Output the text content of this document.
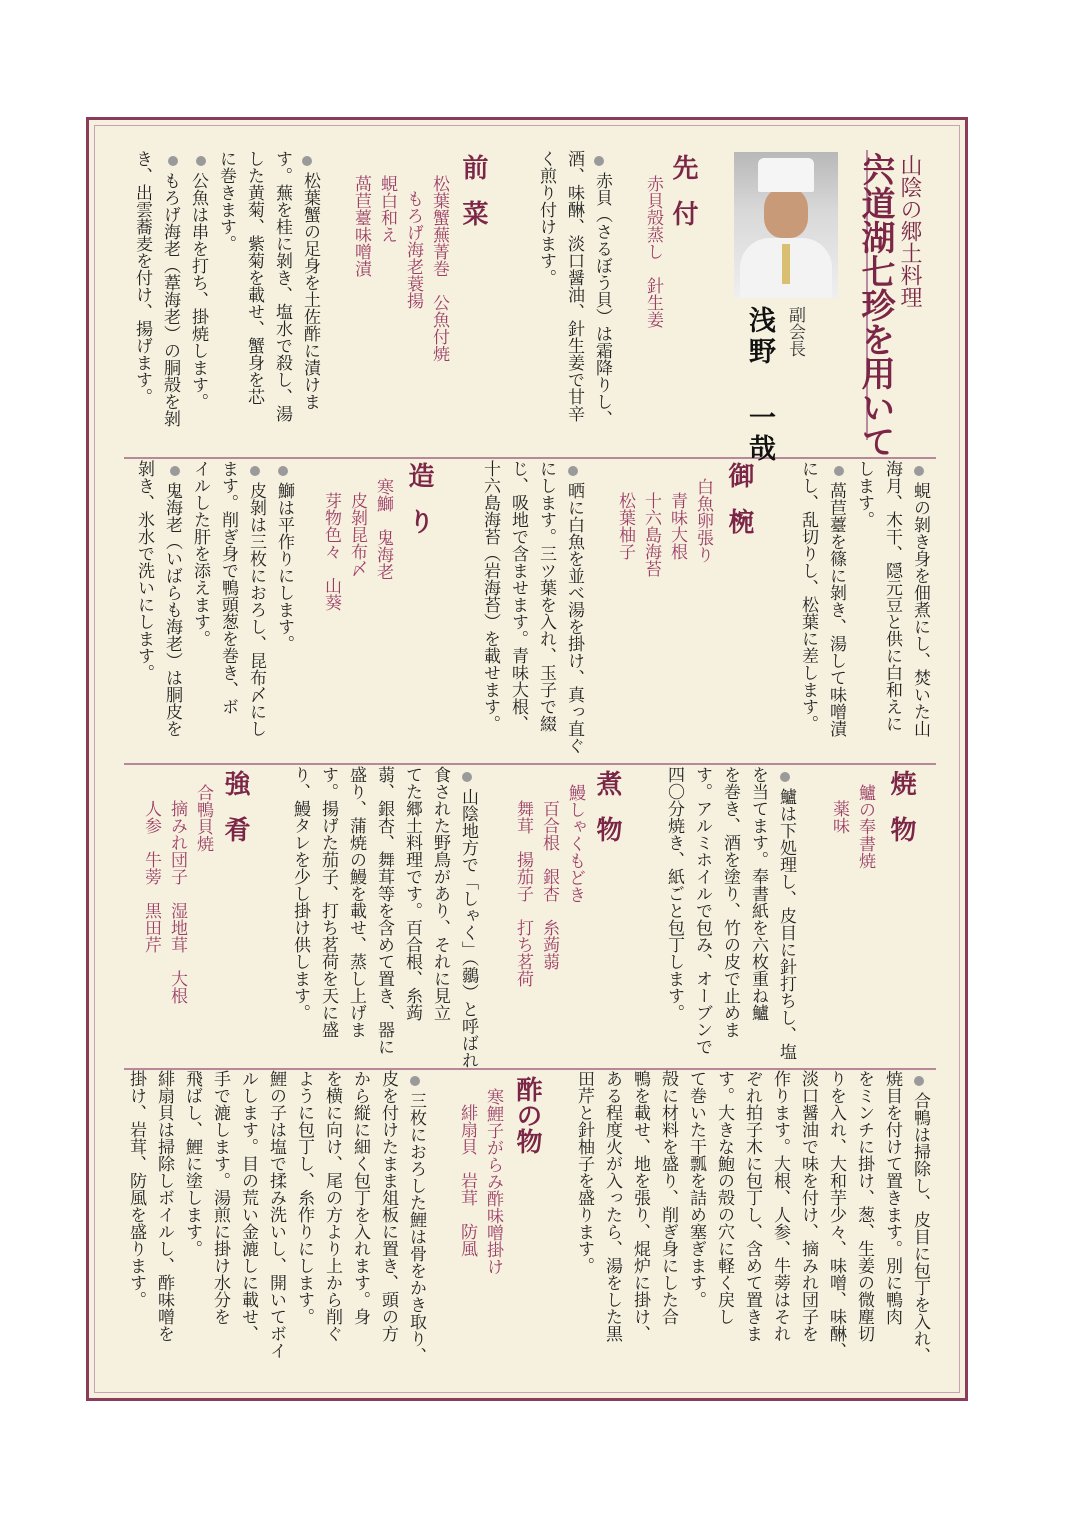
山陰の郷土料理
宍道湖七珍を用いて
副会長
浅野 一哉
先付
赤貝殻蒸し　針生姜
赤貝（さるぼう貝）は霜降りし、
酒、味醂、淡口醤油、針生姜で甘辛
く煎り付けます。
前菜
松葉蟹蕪菁巻　公魚付焼
もろげ海老蓑揚
蜆白和え
萵苣薹味噌漬
松葉蟹の足身を土佐酢に漬けま
す。蕪を桂に剝き、塩水で殺し、湯
した黄菊、紫菊を載せ、蟹身を芯
に巻きます。
公魚は串を打ち、掛焼します。
もろげ海老（葦海老）の胴殻を剝
き、出雲蕎麦を付け、揚げます。
蜆の剝き身を佃煮にし、焚いた山
海月、木干、隠元豆と供に白和えに
します。
萵苣薹を篠に剝き、湯して味噌漬
にし、乱切りし、松葉に差します。
御椀
白魚卵張り
青味大根
十六島海苔
松葉柚子
晒に白魚を並べ湯を掛け、真っ直ぐ
にします。三ツ葉を入れ、玉子で綴
じ、吸地で含ませます。青味大根、
十六島海苔（岩海苔）を載せます。
造り
寒鰤　鬼海老
皮剝昆布〆
芽物色々　山葵
鰤は平作りにします。
皮剝は三枚におろし、昆布〆にし
ます。削ぎ身で鴨頭葱を巻き、ボ
イルした肝を添えます。
鬼海老（いばらも海老）は胴皮を
剝き、氷水で洗いにします。
焼物
鱸の奉書焼
薬味
鱸は下処理し、皮目に針打ちし、塩
を当てます。奉書紙を六枚重ね鱸
を巻き、酒を塗り、竹の皮で止めま
す。アルミホイルで包み、オーブンで
四〇分焼き、紙ごと包丁します。
煮物
鰻しゃくもどき
百合根　銀杏　糸蒟蒻
舞茸　揚茄子　打ち茗荷
山陰地方で「しゃく」（鶸）と呼ばれ
食された野鳥があり、それに見立
てた郷土料理です。百合根、糸蒟
蒻、銀杏、舞茸等を含めて置き、器に
盛り、蒲焼の鰻を載せ、蒸し上げま
す。揚げた茄子、打ち茗荷を天に盛
り、鰻タレを少し掛け供します。
強肴
合鴨貝焼
摘みれ団子　湿地茸　大根
人参　牛蒡　黒田芹
合鴨は掃除し、皮目に包丁を入れ、
焼目を付けて置きます。別に鴨肉
をミンチに掛け、葱、生姜の微塵切
りを入れ、大和芋少々、味噌、味醂、
淡口醤油で味を付け、摘みれ団子を
作ります。大根、人参、牛蒡はそれ
ぞれ拍子木に包丁し、含めて置きま
す。大きな鮑の殻の穴に軽く戻し
て巻いた干瓢を詰め塞ぎます。
殻に材料を盛り、削ぎ身にした合
鴨を載せ、地を張り、焜炉に掛け、
ある程度火が入ったら、湯をした黒
田芹と針柚子を盛ります。
酢の物
寒鯉子がらみ酢味噌掛け
緋扇貝　岩茸　防風
三枚におろした鯉は骨をかき取り、
皮を付けたまま俎板に置き、頭の方
から縦に細く包丁を入れます。身
を横に向け、尾の方より上から削ぐ
ように包丁し、糸作りにします。
鯉の子は塩で揉み洗いし、開いてボイ
ルします。目の荒い金漉しに載せ、
手で漉します。湯煎に掛け水分を
飛ばし、鯉に塗します。
緋扇貝は掃除しボイルし、酢味噌を
掛け、岩茸、防風を盛ります。
